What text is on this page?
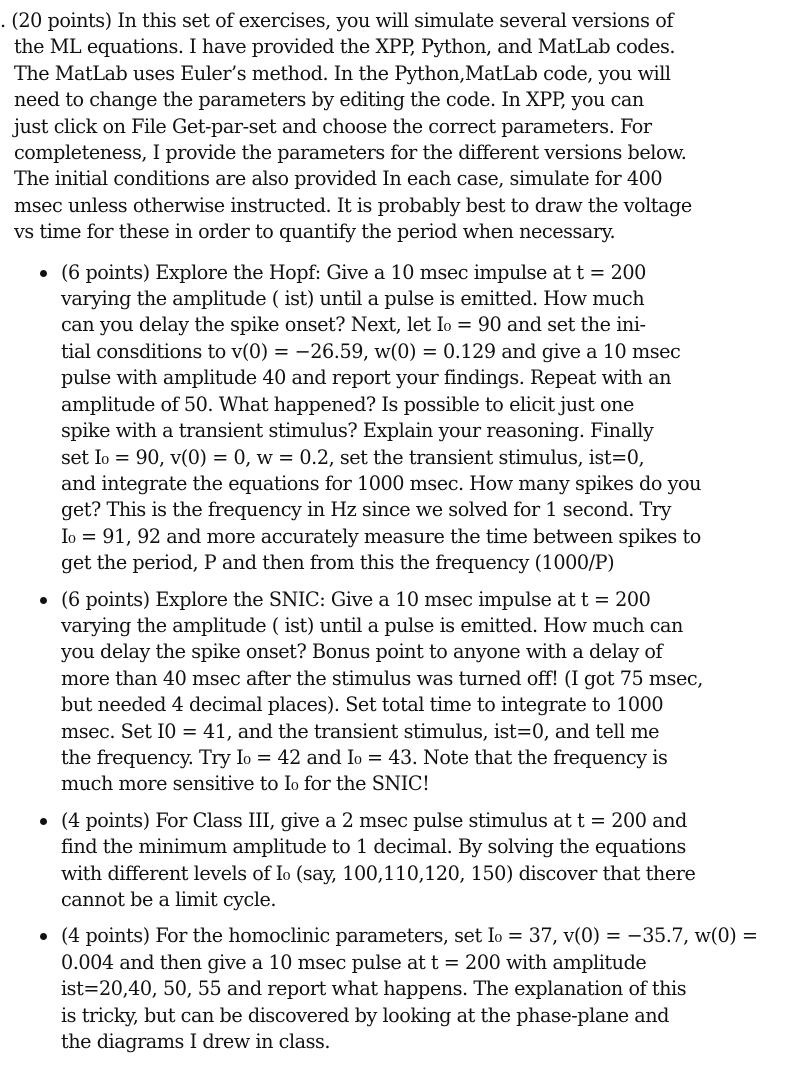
. (20 points) In this set of exercises, you will simulate several versions of
the ML equations. I have provided the XPP, Python, and MatLab codes.
The MatLab uses Euler’s method. In the Python,MatLab code, you will
need to change the parameters by editing the code. In XPP, you can
just click on File Get-par-set and choose the correct parameters. For
completeness, I provide the parameters for the different versions below.
The initial conditions are also provided In each case, simulate for 400
msec unless otherwise instructed. It is probably best to draw the voltage
vs time for these in order to quantify the period when necessary.
(6 points) Explore the Hopf: Give a 10 msec impulse at t = 200
varying the amplitude ( ist) until a pulse is emitted. How much
can you delay the spike onset? Next, let I₀ = 90 and set the ini-
tial consditions to v(0) = −26.59, w(0) = 0.129 and give a 10 msec
pulse with amplitude 40 and report your findings. Repeat with an
amplitude of 50. What happened? Is possible to elicit just one
spike with a transient stimulus? Explain your reasoning. Finally
set I₀ = 90, v(0) = 0, w = 0.2, set the transient stimulus, ist=0,
and integrate the equations for 1000 msec. How many spikes do you
get? This is the frequency in Hz since we solved for 1 second. Try
I₀ = 91, 92 and more accurately measure the time between spikes to
get the period, P and then from this the frequency (1000/P)
(6 points) Explore the SNIC: Give a 10 msec impulse at t = 200
varying the amplitude ( ist) until a pulse is emitted. How much can
you delay the spike onset? Bonus point to anyone with a delay of
more than 40 msec after the stimulus was turned off! (I got 75 msec,
but needed 4 decimal places). Set total time to integrate to 1000
msec. Set I0 = 41, and the transient stimulus, ist=0, and tell me
the frequency. Try I₀ = 42 and I₀ = 43. Note that the frequency is
much more sensitive to I₀ for the SNIC!
(4 points) For Class III, give a 2 msec pulse stimulus at t = 200 and
find the minimum amplitude to 1 decimal. By solving the equations
with different levels of I₀ (say, 100,110,120, 150) discover that there
cannot be a limit cycle.
(4 points) For the homoclinic parameters, set I₀ = 37, v(0) = −35.7, w(0) =
0.004 and then give a 10 msec pulse at t = 200 with amplitude
ist=20,40, 50, 55 and report what happens. The explanation of this
is tricky, but can be discovered by looking at the phase-plane and
the diagrams I drew in class.
